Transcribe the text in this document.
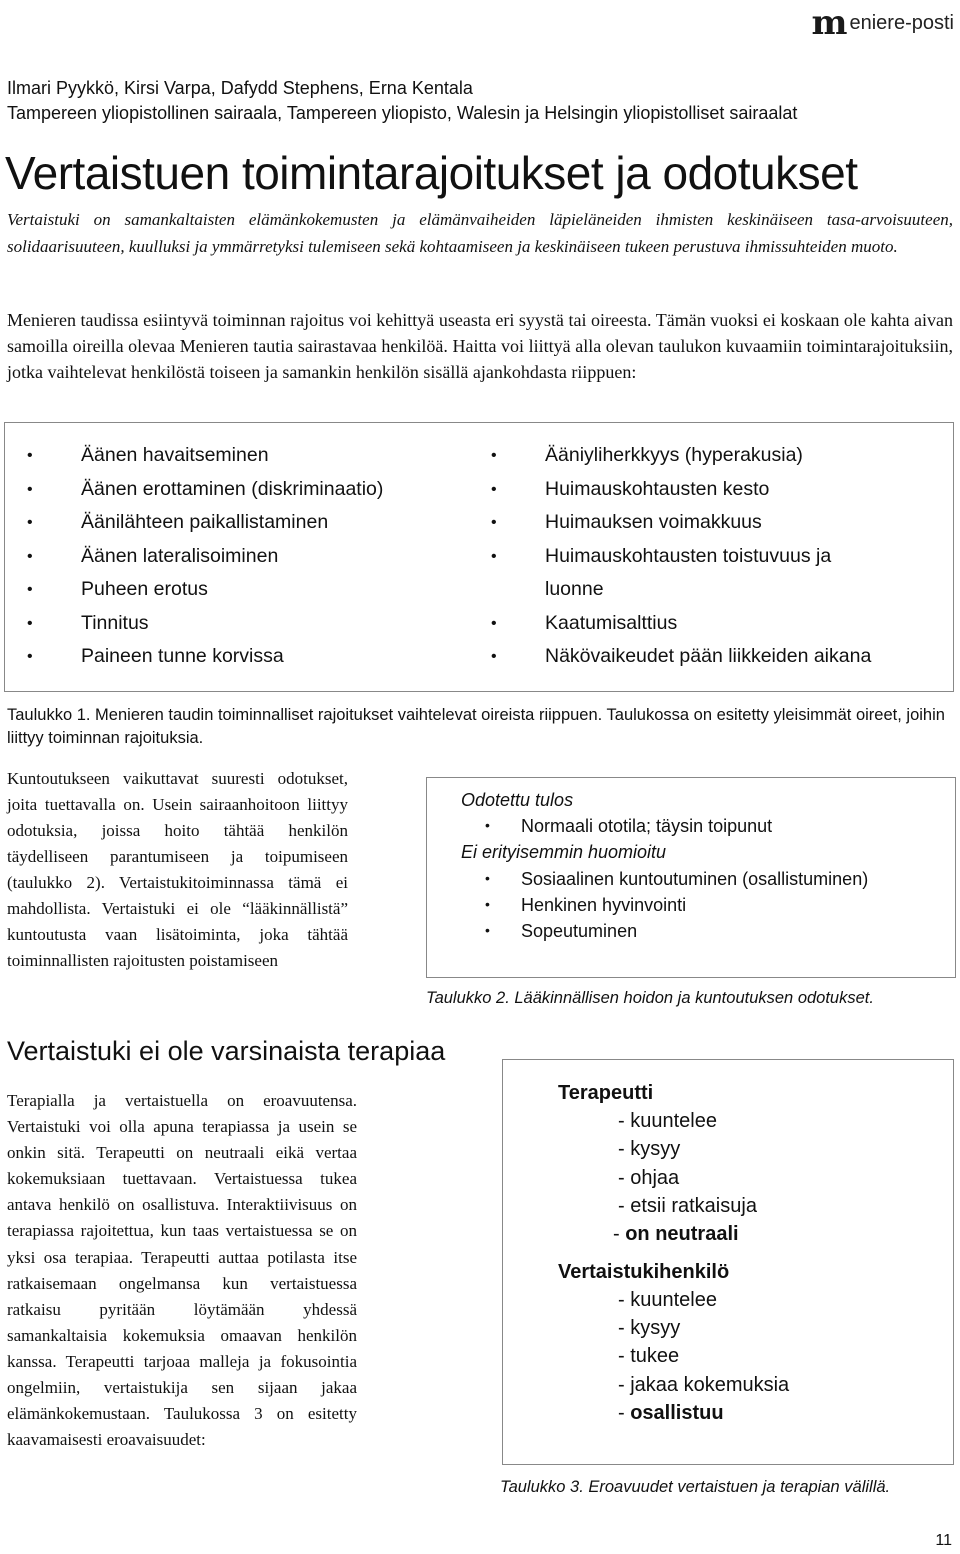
m eniere-posti
Ilmari Pyykkö, Kirsi Varpa, Dafydd Stephens, Erna Kentala
Tampereen yliopistollinen sairaala, Tampereen yliopisto, Walesin ja Helsingin yliopistolliset sairaalat
Vertaistuen toimintarajoitukset ja odotukset
Vertaistuki on samankaltaisten elämänkokemusten ja elämänvaiheiden läpieläneiden ihmisten keskinäiseen tasa-arvoisuuteen, solidaarisuuteen, kuulluksi ja ymmärretyksi tulemiseen sekä kohtaamiseen ja keskinäiseen tukeen perustuva ihmissuhteiden muoto.
Menieren taudissa esiintyvä toiminnan rajoitus voi kehittyä useasta eri syystä tai oireesta. Tämän vuoksi ei koskaan ole kahta aivan samoilla oireilla olevaa Menieren tautia sairastavaa henkilöä. Haitta voi liittyä alla olevan taulukon kuvaamiin toimintarajoituksiin, jotka vaihtelevat henkilöstä toiseen ja samankin henkilön sisällä ajankohdasta riippuen:
• Äänen havaitseminen
• Äänen erottaminen (diskriminaatio)
• Äänilähteen paikallistaminen
• Äänen lateralisoiminen
• Puheen erotus
• Tinnitus
• Paineen tunne korvissa
• Ääniyliherkkyys (hyperakusia)
• Huimauskohtausten kesto
• Huimauksen voimakkuus
• Huimauskohtausten toistuvuus ja
luonne
• Kaatumisalttius
• Näkövaikeudet pään liikkeiden aikana
Taulukko 1. Menieren taudin toiminnalliset rajoitukset vaihtelevat oireista riippuen. Taulukossa on esitetty yleisimmät oireet, joihin liittyy toiminnan rajoituksia.
Kuntoutukseen vaikuttavat suuresti odotukset, joita tuettavalla on. Usein sairaanhoitoon liittyy odotuksia, joissa hoito tähtää henkilön täydelliseen parantumiseen ja toipumiseen (taulukko 2). Vertaistukitoiminnassa tämä ei mahdollista. Vertaistuki ei ole “lääkinnällistä” kuntoutusta vaan lisätoiminta, joka tähtää toiminnallisten rajoitusten poistamiseen
Odotettu tulos
• Normaali ototila; täysin toipunut
Ei erityisemmin huomioitu
• Sosiaalinen kuntoutuminen (osallistuminen)
• Henkinen hyvinvointi
• Sopeutuminen
Taulukko 2. Lääkinnällisen hoidon ja kuntoutuksen odotukset.
Vertaistuki ei ole varsinaista terapiaa
Terapialla ja vertaistuella on eroavuutensa. Vertaistuki voi olla apuna terapiassa ja usein se onkin sitä. Terapeutti on neutraali eikä vertaa kokemuksiaan tuettavaan. Vertaistuessa tukea antava henkilö on osallistuva. Interaktiivisuus on terapiassa rajoitettua, kun taas vertaistuessa se on yksi osa terapiaa. Terapeutti auttaa potilasta itse ratkaisemaan ongelmansa kun vertaistuessa ratkaisu pyritään löytämään yhdessä samankaltaisia kokemuksia omaavan henkilön kanssa. Terapeutti tarjoaa malleja ja fokusointia ongelmiin, vertaistukija sen sijaan jakaa elämänkokemustaan. Taulukossa 3 on esitetty kaavamaisesti eroavaisuudet:
Terapeutti
- kuuntelee
- kysyy
- ohjaa
- etsii ratkaisuja
- on neutraali
Vertaistukihenkilö
- kuuntelee
- kysyy
- tukee
- jakaa kokemuksia
- osallistuu
Taulukko 3. Eroavuudet vertaistuen ja terapian välillä.
11
